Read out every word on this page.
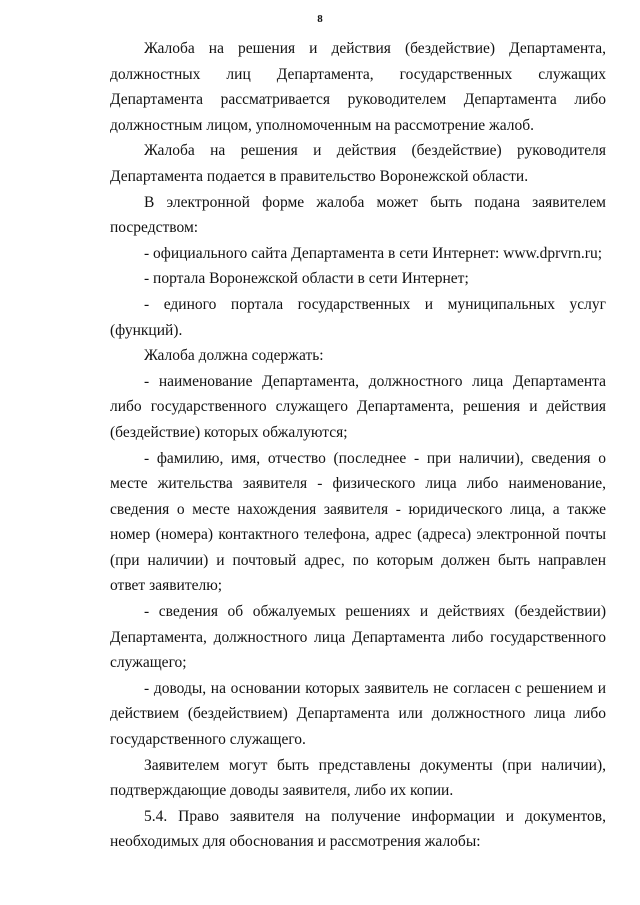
8

Жалоба на решения и действия (бездействие) Департамента, должностных лиц Департамента, государственных служащих Департамента рассматривается руководителем Департамента либо должностным лицом, уполномоченным на рассмотрение жалоб.

Жалоба на решения и действия (бездействие) руководителя Департамента подается в правительство Воронежской области.

В электронной форме жалоба может быть подана заявителем посредством:

- официального сайта Департамента в сети Интернет: www.dprvrn.ru;

- портала Воронежской области в сети Интернет;

- единого портала государственных и муниципальных услуг (функций).

Жалоба должна содержать:

- наименование Департамента, должностного лица Департамента либо государственного служащего Департамента, решения и действия (бездействие) которых обжалуются;

- фамилию, имя, отчество (последнее - при наличии), сведения о месте жительства заявителя - физического лица либо наименование, сведения о месте нахождения заявителя - юридического лица, а также номер (номера) контактного телефона, адрес (адреса) электронной почты (при наличии) и почтовый адрес, по которым должен быть направлен ответ заявителю;

- сведения об обжалуемых решениях и действиях (бездействии) Департамента, должностного лица Департамента либо государственного служащего;

- доводы, на основании которых заявитель не согласен с решением и действием (бездействием) Департамента или должностного лица либо государственного служащего.

Заявителем могут быть представлены документы (при наличии), подтверждающие доводы заявителя, либо их копии.

5.4. Право заявителя на получение информации и документов, необходимых для обоснования и рассмотрения жалобы:
